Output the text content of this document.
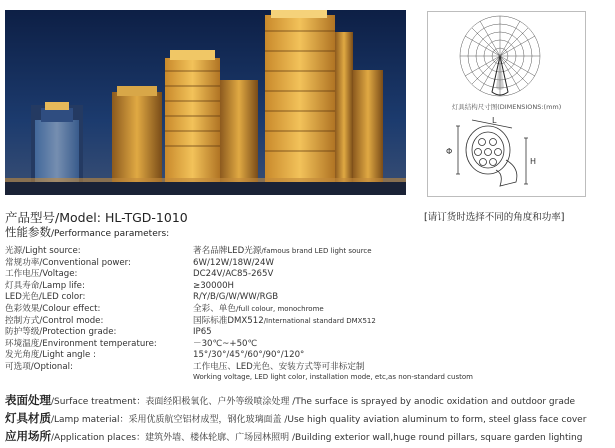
灯具结构尺寸图(DIMENSIONS:(mm)
L
Φ
H
产品型号/Model: HL-TGD-1010	[请订货时选择不同的角度和功率]
性能参数/Performance parameters:
光源/Light source:	著名品牌LED光源/famous brand LED light source
常规功率/Conventional power:	6W/12W/18W/24W
工作电压/Voltage:	DC24V/AC85-265V
灯具寿命/Lamp life:	≥30000H
LED光色/LED color:	R/Y/B/G/W/WW/RGB
色彩效果/Colour effect:	全彩、单色/full colour, monochrome
控制方式/Control mode:	国际标准DMX512/International standard DMX512
防护等级/Protection grade:	IP65
环境温度/Environment temperature:	－30℃~+50℃
发光角度/Light angle :	15°/30°/45°/60°/90°/120°
可选项/Optional:	工作电压、LED光色、安装方式等可非标定制
Working voltage, LED light color, installation mode, etc,as non-standard custom
表面处理/Surface treatment：表面经阳极氧化、户外等级喷涂处理 /The surface is sprayed by anodic oxidation and outdoor grade
灯具材质/Lamp material：采用优质航空铝材成型，钢化玻璃面盖 /Use high quality aviation aluminum to form, steel glass face cover
应用场所/Application places：建筑外墙、楼体轮廓、广场园林照明 /Building exterior wall,huge round pillars, square garden lighting
